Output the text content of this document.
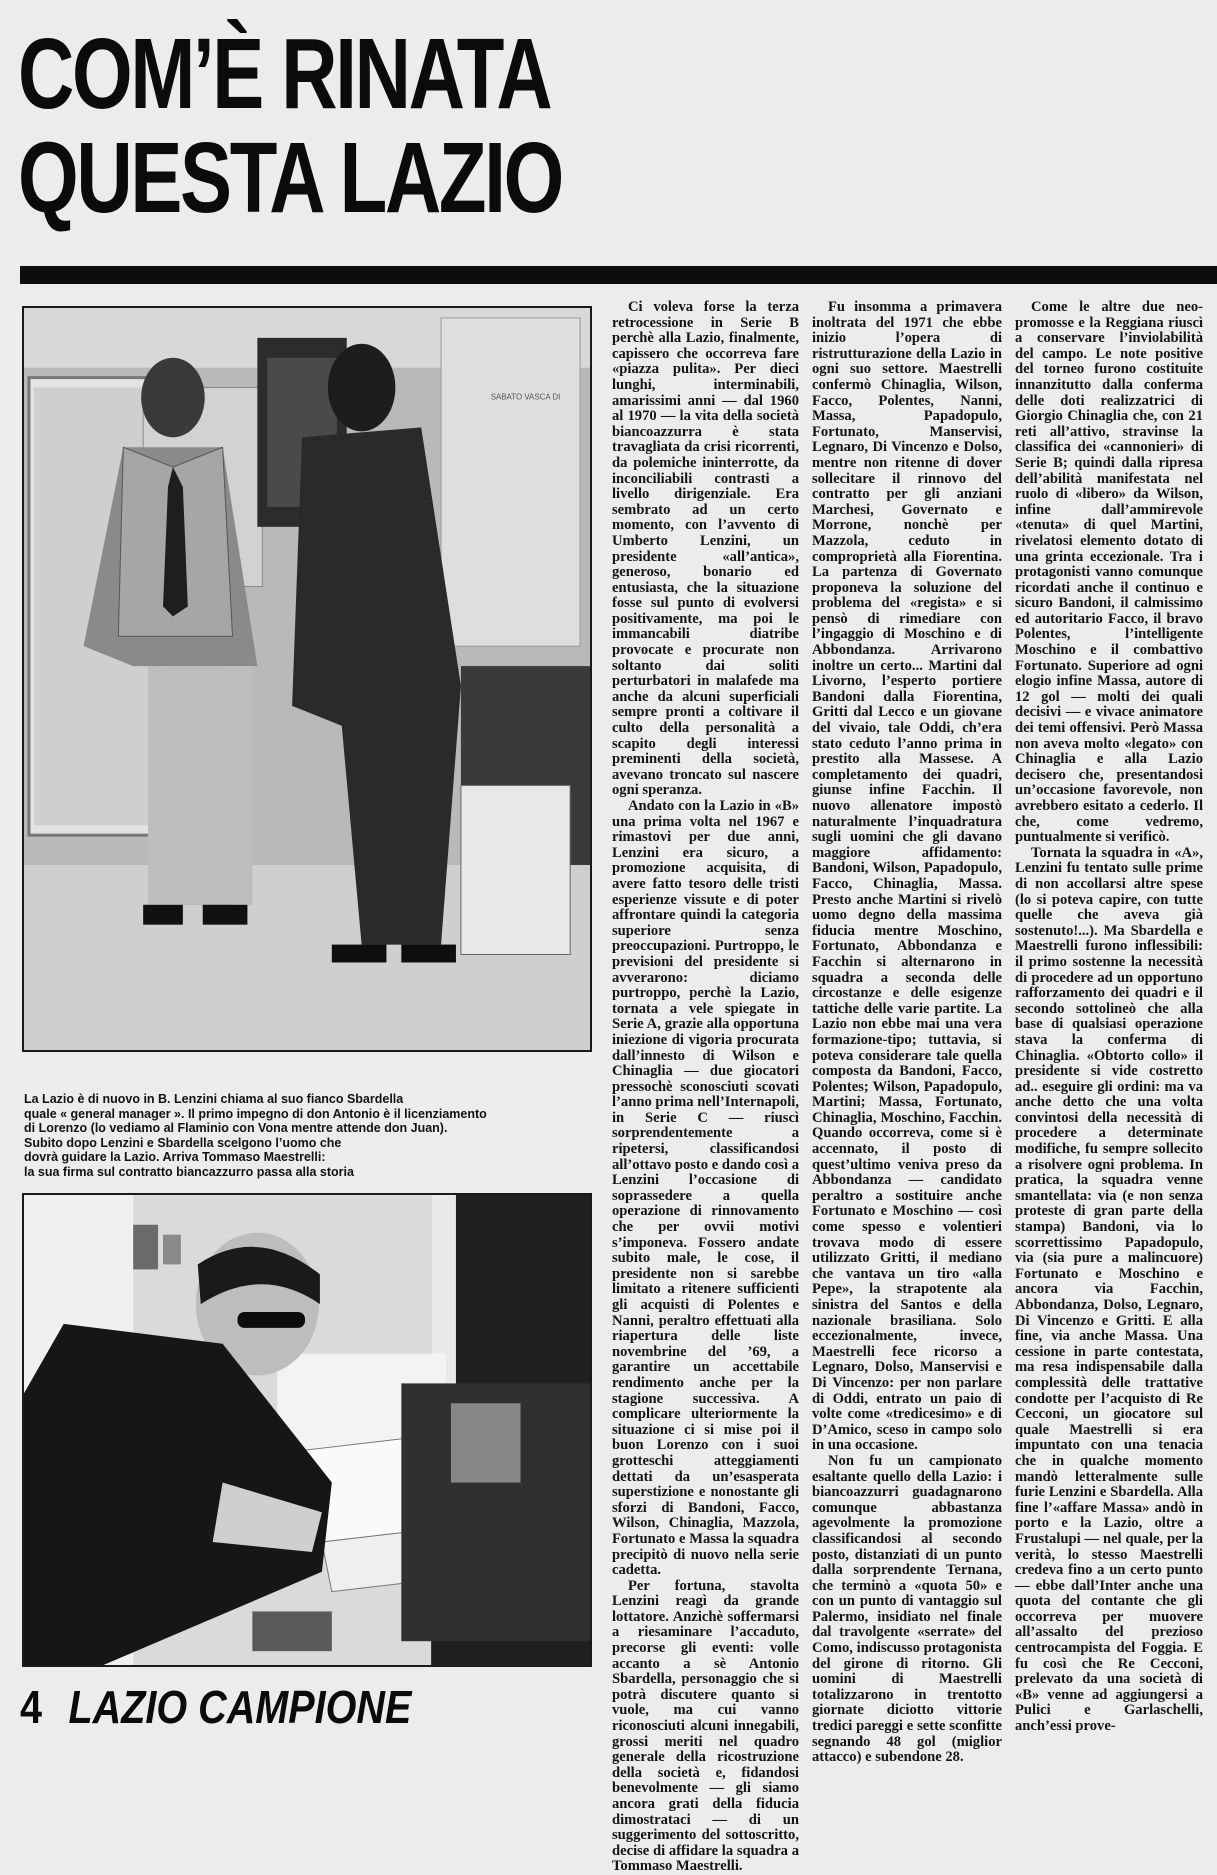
COM’È RINATA
QUESTA LAZIO
SABATO VASCA DI
La Lazio è di nuovo in B. Lenzini chiama al suo fianco Sbardella
quale « general manager ». Il primo impegno di don Antonio è il licenziamento
di Lorenzo (lo vediamo al Flaminio con Vona mentre attende don Juan).
Subito dopo Lenzini e Sbardella scelgono l’uomo che
dovrà guidare la Lazio. Arriva Tommaso Maestrelli:
la sua firma sul contratto biancazzurro passa alla storia

Ci voleva forse la terza retrocessione in Serie B perchè alla Lazio, finalmente, capissero che occorreva fare «piazza pulita». Per dieci lunghi, interminabili, amarissimi anni — dal 1960 al 1970 — la vita della società biancoazzurra è stata travagliata da crisi ricorrenti, da polemiche ininterrotte, da inconciliabili contrasti a livello dirigenziale. Era sembrato ad un certo momento, con l’avvento di Umberto Lenzini, un presidente «all’antica», generoso, bonario ed entusiasta, che la situazione fosse sul punto di evolversi positivamente, ma poi le immancabili diatribe provocate e procurate non soltanto dai soliti perturbatori in malafede ma anche da alcuni superficiali sempre pronti a coltivare il culto della personalità a scapito degli interessi preminenti della società, avevano troncato sul nascere ogni speranza.

Andato con la Lazio in «B» una prima volta nel 1967 e rimastovi per due anni, Lenzini era sicuro, a promozione acquisita, di avere fatto tesoro delle tristi esperienze vissute e di poter affrontare quindi la categoria superiore senza preoccupazioni. Purtroppo, le previsioni del presidente si avverarono: diciamo purtroppo, perchè la Lazio, tornata a vele spiegate in Serie A, grazie alla opportuna iniezione di vigoria procurata dall’innesto di Wilson e Chinaglia — due giocatori pressochè sconosciuti scovati l’anno prima nell’Internapoli, in Serie C — riuscì sorprendentemente a ripetersi, classificandosi all’ottavo posto e dando così a Lenzini l’occasione di soprassedere a quella operazione di rinnovamento che per ovvii motivi s’imponeva. Fossero andate subito male, le cose, il presidente non si sarebbe limitato a ritenere sufficienti gli acquisti di Polentes e Nanni, peraltro effettuati alla riapertura delle liste novembrine del ’69, a garantire un accettabile rendimento anche per la stagione successiva. A complicare ulteriormente la situazione ci si mise poi il buon Lorenzo con i suoi grotteschi atteggiamenti dettati da un’esasperata superstizione e nonostante gli sforzi di Bandoni, Facco, Wilson, Chinaglia, Mazzola, Fortunato e Massa la squadra precipitò di nuovo nella serie cadetta.

Per fortuna, stavolta Lenzini reagì da grande lottatore. Anzichè soffermarsi a riesaminare l’accaduto, precorse gli eventi: volle accanto a sè Antonio Sbardella, personaggio che si potrà discutere quanto si vuole, ma cui vanno riconosciuti alcuni innegabili, grossi meriti nel quadro generale della ricostruzione della società e, fidandosi benevolmente — gli siamo ancora grati della fiducia dimostrataci — di un suggerimento del sottoscritto, decise di affidare la squadra a Tommaso Maestrelli.

Fu insomma a primavera inoltrata del 1971 che ebbe inizio l’opera di ristrutturazione della Lazio in ogni suo settore. Maestrelli confermò Chinaglia, Wilson, Facco, Polentes, Nanni, Massa, Papadopulo, Fortunato, Manservisi, Legnaro, Di Vincenzo e Dolso, mentre non ritenne di dover sollecitare il rinnovo del contratto per gli anziani Marchesi, Governato e Morrone, nonchè per Mazzola, ceduto in comproprietà alla Fiorentina. La partenza di Governato proponeva la soluzione del problema del «regista» e si pensò di rimediare con l’ingaggio di Moschino e di Abbondanza. Arrivarono inoltre un certo... Martini dal Livorno, l’esperto portiere Bandoni dalla Fiorentina, Gritti dal Lecco e un giovane del vivaio, tale Oddi, ch’era stato ceduto l’anno prima in prestito alla Massese. A completamento dei quadri, giunse infine Facchin. Il nuovo allenatore impostò naturalmente l’inquadratura sugli uomini che gli davano maggiore affidamento: Bandoni, Wilson, Papadopulo, Facco, Chinaglia, Massa. Presto anche Martini si rivelò uomo degno della massima fiducia mentre Moschino, Fortunato, Abbondanza e Facchin si alternarono in squadra a seconda delle circostanze e delle esigenze tattiche delle varie partite. La Lazio non ebbe mai una vera formazione-tipo; tuttavia, si poteva considerare tale quella composta da Bandoni, Facco, Polentes; Wilson, Papadopulo, Martini; Massa, Fortunato, Chinaglia, Moschino, Facchin. Quando occorreva, come si è accennato, il posto di quest’ultimo veniva preso da Abbondanza — candidato peraltro a sostituire anche Fortunato e Moschino — così come spesso e volentieri trovava modo di essere utilizzato Gritti, il mediano che vantava un tiro «alla Pepe», la strapotente ala sinistra del Santos e della nazionale brasiliana. Solo eccezionalmente, invece, Maestrelli fece ricorso a Legnaro, Dolso, Manservisi e Di Vincenzo: per non parlare di Oddi, entrato un paio di volte come «tredicesimo» e di D’Amico, sceso in campo solo in una occasione.

Non fu un campionato esaltante quello della Lazio: i biancoazzurri guadagnarono comunque abbastanza agevolmente la promozione classificandosi al secondo posto, distanziati di un punto dalla sorprendente Ternana, che terminò a «quota 50» e con un punto di vantaggio sul Palermo, insidiato nel finale dal travolgente «serrate» del Como, indiscusso protagonista del girone di ritorno. Gli uomini di Maestrelli totalizzarono in trentotto giornate diciotto vittorie tredici pareggi e sette sconfitte segnando 48 gol (miglior attacco) e subendone 28.

Come le altre due neo-promosse e la Reggiana riuscì a conservare l’inviolabilità del campo. Le note positive del torneo furono costituite innanzitutto dalla conferma delle doti realizzatrici di Giorgio Chinaglia che, con 21 reti all’attivo, stravinse la classifica dei «cannonieri» di Serie B; quindi dalla ripresa dell’abilità manifestata nel ruolo di «libero» da Wilson, infine dall’ammirevole «tenuta» di quel Martini, rivelatosi elemento dotato di una grinta eccezionale. Tra i protagonisti vanno comunque ricordati anche il continuo e sicuro Bandoni, il calmissimo ed autoritario Facco, il bravo Polentes, l’intelligente Moschino e il combattivo Fortunato. Superiore ad ogni elogio infine Massa, autore di 12 gol — molti dei quali decisivi — e vivace animatore dei temi offensivi. Però Massa non aveva molto «legato» con Chinaglia e alla Lazio decisero che, presentandosi un’occasione favorevole, non avrebbero esitato a cederlo. Il che, come vedremo, puntualmente si verificò.

Tornata la squadra in «A», Lenzini fu tentato sulle prime di non accollarsi altre spese (lo si poteva capire, con tutte quelle che aveva già sostenuto!...). Ma Sbardella e Maestrelli furono inflessibili: il primo sostenne la necessità di procedere ad un opportuno rafforzamento dei quadri e il secondo sottolineò che alla base di qualsiasi operazione stava la conferma di Chinaglia. «Obtorto collo» il presidente si vide costretto ad.. eseguire gli ordini: ma va anche detto che una volta convintosi della necessità di procedere a determinate modifiche, fu sempre sollecito a risolvere ogni problema. In pratica, la squadra venne smantellata: via (e non senza proteste di gran parte della stampa) Bandoni, via lo scorrettissimo Papadopulo, via (sia pure a malincuore) Fortunato e Moschino e ancora via Facchin, Abbondanza, Dolso, Legnaro, Di Vincenzo e Gritti. E alla fine, via anche Massa. Una cessione in parte contestata, ma resa indispensabile dalla complessità delle trattative condotte per l’acquisto di Re Cecconi, un giocatore sul quale Maestrelli si era impuntato con una tenacia che in qualche momento mandò letteralmente sulle furie Lenzini e Sbardella. Alla fine l’«affare Massa» andò in porto e la Lazio, oltre a Frustalupi — nel quale, per la verità, lo stesso Maestrelli credeva fino a un certo punto — ebbe dall’Inter anche una quota del contante che gli occorreva per muovere all’assalto del prezioso centrocampista del Foggia. E fu così che Re Cecconi, prelevato da una società di «B» venne ad aggiungersi a Pulici e Garlaschelli, anch’essi prove-

4 LAZIO CAMPIONE
